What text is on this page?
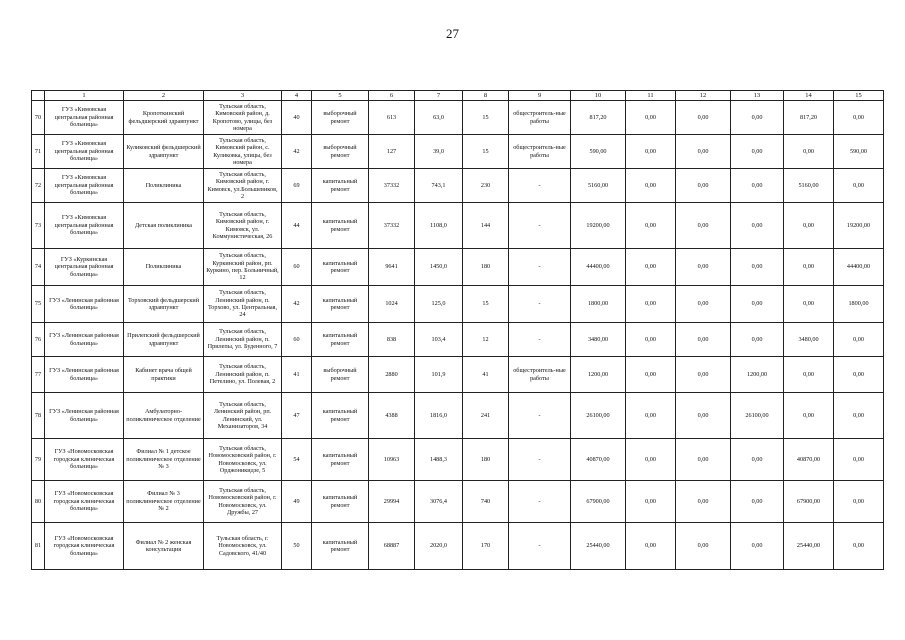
27
	1	2	3	4	5	6	7	8	9	10	11	12	13	14	15
70	ГУЗ «Кимовская центральная районная больница»	Кропоткинский фельдшерский здравпункт	Тульская область, Кимовский район, д. Кропотово, улицы, без номера	40	выборочный ремонт	613	63,0	15	общестроитель-ные работы	817,20	0,00	0,00	0,00	817,20	0,00
71	ГУЗ «Кимовская центральная районная больница»	Куликовский фельдшерский здравпункт	Тульская область, Кимовский район, с. Куликовка, улицы, без номера	42	выборочный ремонт	127	39,0	15	общестроитель-ные работы	590,00	0,00	0,00	0,00	0,00	590,00
72	ГУЗ «Кимовская центральная районная больница»	Поликлиника	Тульская область, Кимовский район, г. Кимовск, ул.Большевиков, 2	69	капитальный ремонт	37332	743,1	230	-	5160,00	0,00	0,00	0,00	5160,00	0,00
73	ГУЗ «Кимовская центральная районная больница»	Детская поликлиника	Тульская область, Кимовский район, г. Кимовск, ул. Коммунистическая, 26	44	капитальный ремонт	37332	1108,0	144	-	19200,00	0,00	0,00	0,00	0,00	19200,00
74	ГУЗ «Куркинская центральная районная больница»	Поликлиника	Тульская область, Куркинский район, рп. Куркино, пер. Больничный, 12	60	капитальный ремонт	9641	1450,0	180	-	44400,00	0,00	0,00	0,00	0,00	44400,00
75	ГУЗ «Ленинская районная больница»	Торховский фельдшерский здравпункт	Тульская область, Ленинский район, п. Торхово, ул. Центральная, 24	42	капитальный ремонт	1024	125,0	15	-	1800,00	0,00	0,00	0,00	0,00	1800,00
76	ГУЗ «Ленинская районная больница»	Прилепский фельдшерский здравпункт	Тульская область, Ленинский район, п. Прилепы, ул. Буденного, 7	60	капитальный ремонт	838	103,4	12	-	3480,00	0,00	0,00	0,00	3480,00	0,00
77	ГУЗ «Ленинская районная больница»	Кабинет врача общей практики	Тульская область, Ленинский район, п. Петелино, ул. Полевая, 2	41	выборочный ремонт	2880	101,9	41	общестроитель-ные работы	1200,00	0,00	0,00	1200,00	0,00	0,00
78	ГУЗ «Ленинская районная больница»	Амбулаторно-поликлиническое отделение	Тульская область, Ленинский район, рп. Ленинский, ул. Механизаторов, 34	47	капитальный ремонт	4388	1816,0	241	-	26100,00	0,00	0,00	26100,00	0,00	0,00
79	ГУЗ «Новомосковская городская клиническая больница»	Филиал № 1 детское поликлиническое отделение № 3	Тульская область, Новомосковский район, г. Новомосковск, ул. Орджоникидзе, 5	54	капитальный ремонт	10963	1488,3	180	-	40870,00	0,00	0,00	0,00	40870,00	0,00
80	ГУЗ «Новомосковская городская клиническая больница»	Филиал № 3 поликлиническое отделение № 2	Тульская область, Новомосковский район, г. Новомосковск, ул. Дружбы, 27	49	капитальный ремонт	29994	3076,4	740	-	67900,00	0,00	0,00	0,00	67900,00	0,00
81	ГУЗ «Новомосковская городская клиническая больница»	Филиал № 2 женская консультация	Тульская область, г. Новомосковск, ул. Садовского, 41/40	50	капитальный ремонт	68887	2020,0	170	-	25440,00	0,00	0,00	0,00	25440,00	0,00
